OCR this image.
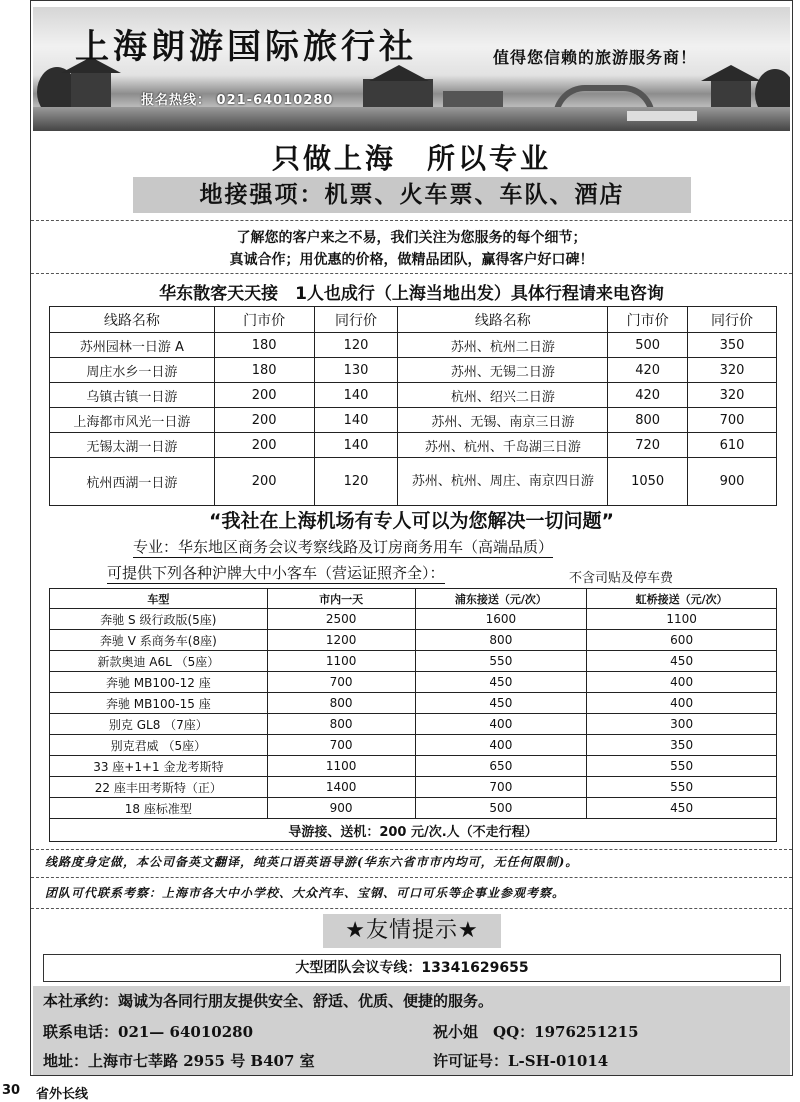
上海朗游国际旅行社	值得您信赖的旅游服务商！
报名热线： 021-64010280
只做上海　所以专业
地接强项：机票、火车票、车队、酒店
了解您的客户来之不易，我们关注为您服务的每个细节；
真诚合作；用优惠的价格，做精品团队，赢得客户好口碑！
华东散客天天接　1人也成行（上海当地出发）具体行程请来电咨询
线路名称	门市价	同行价	线路名称	门市价	同行价
苏州园林一日游 A	180	120	苏州、杭州二日游	500	350
周庄水乡一日游	180	130	苏州、无锡二日游	420	320
乌镇古镇一日游	200	140	杭州、绍兴二日游	420	320
上海都市风光一日游	200	140	苏州、无锡、南京三日游	800	700
无锡太湖一日游	200	140	苏州、杭州、千岛湖三日游	720	610
杭州西湖一日游	200	120	苏州、杭州、周庄、南京四日游	1050	900
“我社在上海机场有专人可以为您解决一切问题”
专业：华东地区商务会议考察线路及订房商务用车（高端品质）
可提供下列各种沪牌大中小客车（营运证照齐全）：	不含司贴及停车费
车型	市内一天	浦东接送（元/次）	虹桥接送（元/次）
奔驰 S 级行政版(5座)	2500	1600	1100
奔驰 V 系商务车(8座)	1200	800	600
新款奥迪 A6L （5座）	1100	550	450
奔驰 MB100-12 座	700	450	400
奔驰 MB100-15 座	800	450	400
别克 GL8 （7座）	800	400	300
别克君威 （5座）	700	400	350
33 座+1+1 金龙考斯特	1100	650	550
22 座丰田考斯特（正）	1400	700	550
18 座标准型	900	500	450
导游接、送机：200 元/次.人（不走行程）			
线路度身定做，本公司备英文翻译，纯英口语英语导游(华东六省市市内均可，无任何限制)。
团队可代联系考察：上海市各大中小学校、大众汽车、宝钢、可口可乐等企事业参观考察。
★友情提示★
大型团队会议专线：13341629655
本社承约：竭诚为各同行朋友提供安全、舒适、优质、便捷的服务。
联系电话：021— 64010280	祝小姐　QQ：1976251215
地址：上海市七莘路 2955 号 B407 室	许可证号：L-SH-01014
30 省外长线
